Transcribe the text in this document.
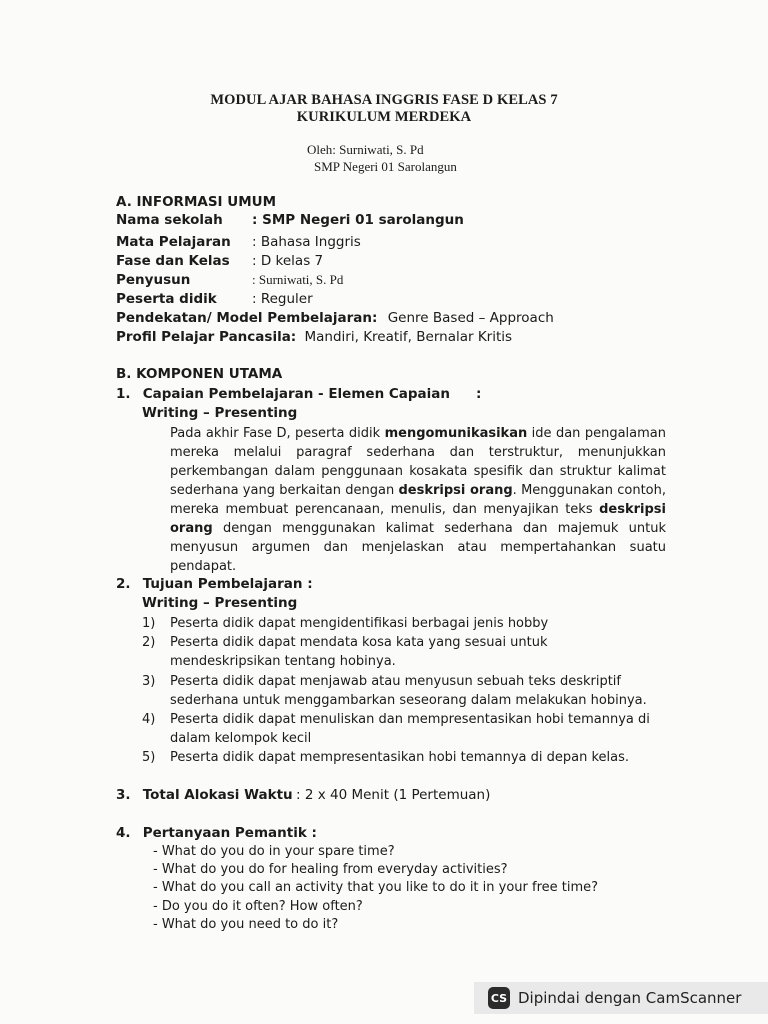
MODUL AJAR BAHASA INGGRIS FASE D KELAS 7
KURIKULUM MERDEKA
Oleh: Surniwati, S. Pd
SMP Negeri 01 Sarolangun
A. INFORMASI UMUM
Nama sekolah : SMP Negeri 01 sarolangun
Mata Pelajaran : Bahasa Inggris
Fase dan Kelas : D kelas 7
Penyusun	: Surniwati, S. Pd
Peserta didik	: Reguler
Pendekatan/ Model Pembelajaran: Genre Based – Approach
Profil Pelajar Pancasila: Mandiri, Kreatif, Bernalar Kritis
B. KOMPONEN UTAMA
1. Capaian Pembelajaran - Elemen Capaian :
Writing – Presenting
Pada akhir Fase D, peserta didik mengomunikasikan ide dan pengalaman mereka melalui paragraf sederhana dan terstruktur, menunjukkan perkembangan dalam penggunaan kosakata spesifik dan struktur kalimat sederhana yang berkaitan dengan deskripsi orang. Menggunakan contoh, mereka membuat perencanaan, menulis, dan menyajikan teks deskripsi orang dengan menggunakan kalimat sederhana dan majemuk untuk menyusun argumen dan menjelaskan atau mempertahankan suatu pendapat.
2. Tujuan Pembelajaran :
Writing – Presenting
1) Peserta didik dapat mengidentifikasi berbagai jenis hobby
2) Peserta didik dapat mendata kosa kata yang sesuai untuk mendeskripsikan tentang hobinya.
3) Peserta didik dapat menjawab atau menyusun sebuah teks deskriptif sederhana untuk menggambarkan seseorang dalam melakukan hobinya.
4) Peserta didik dapat menuliskan dan mempresentasikan hobi temannya di dalam kelompok kecil
5) Peserta didik dapat mempresentasikan hobi temannya di depan kelas.
3. Total Alokasi Waktu : 2 x 40 Menit (1 Pertemuan)
4. Pertanyaan Pemantik :
- What do you do in your spare time?
- What do you do for healing from everyday activities?
- What do you call an activity that you like to do it in your free time?
- Do you do it often? How often?
- What do you need to do it?
CS Dipindai dengan CamScanner
